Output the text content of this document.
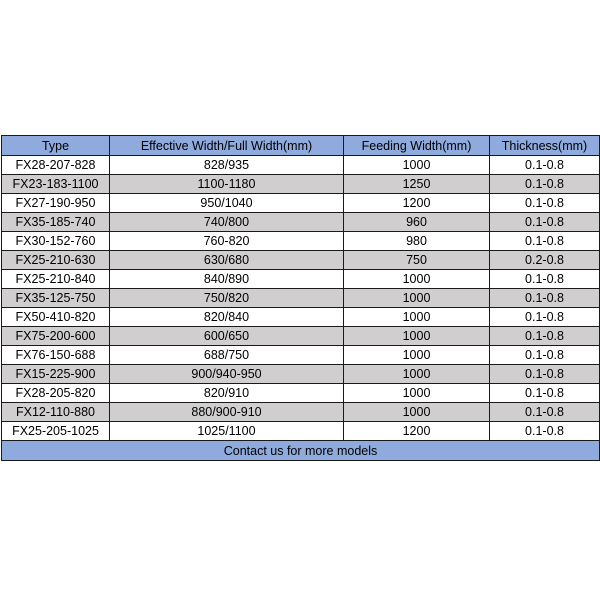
Type	Effective Width/Full Width(mm)	Feeding Width(mm)	Thickness(mm)
FX28-207-828	828/935	1000	0.1-0.8
FX23-183-1100	1100-1180	1250	0.1-0.8
FX27-190-950	950/1040	1200	0.1-0.8
FX35-185-740	740/800	960	0.1-0.8
FX30-152-760	760-820	980	0.1-0.8
FX25-210-630	630/680	750	0.2-0.8
FX25-210-840	840/890	1000	0.1-0.8
FX35-125-750	750/820	1000	0.1-0.8
FX50-410-820	820/840	1000	0.1-0.8
FX75-200-600	600/650	1000	0.1-0.8
FX76-150-688	688/750	1000	0.1-0.8
FX15-225-900	900/940-950	1000	0.1-0.8
FX28-205-820	820/910	1000	0.1-0.8
FX12-110-880	880/900-910	1000	0.1-0.8
FX25-205-1025	1025/1100	1200	0.1-0.8
Contact us for more models			
